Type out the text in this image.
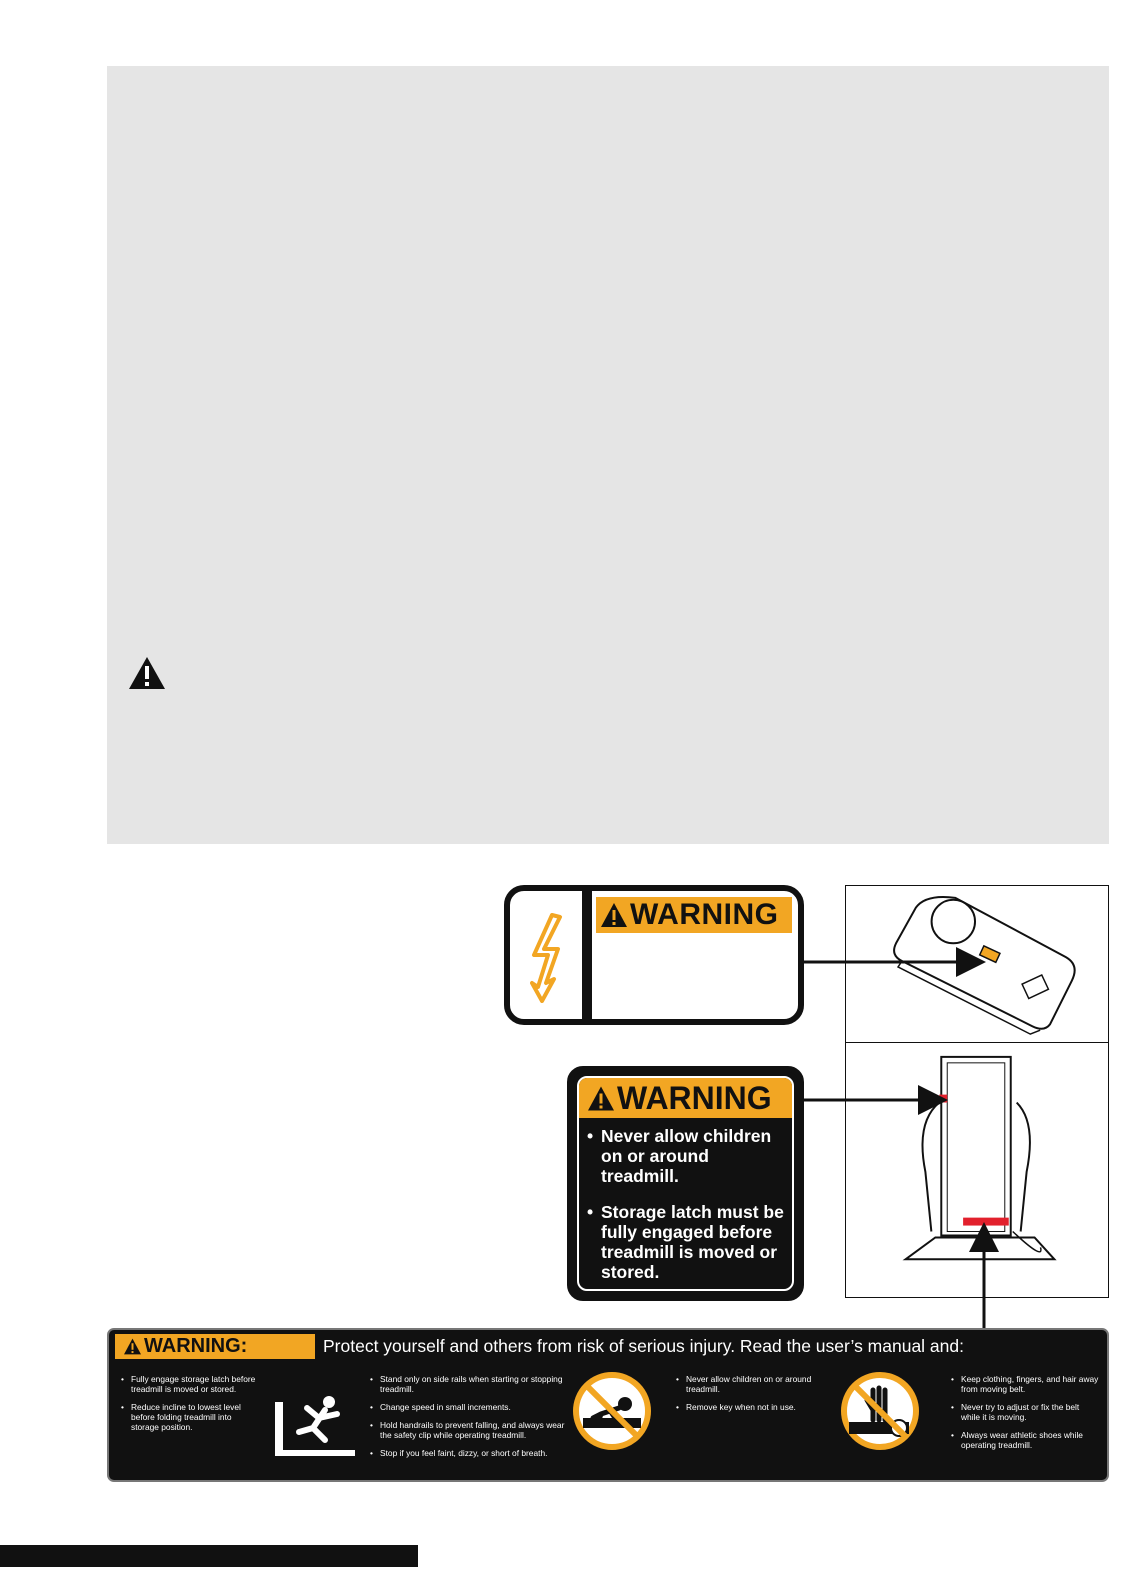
WARNING
WARNING
• Never allow children on or around treadmill.
• Storage latch must be fully engaged before treadmill is moved or stored.
WARNING:	Protect yourself and others from risk of serious injury. Read the user’s manual and:
• Fully engage storage latch before treadmill is moved or stored.
• Reduce incline to lowest level before folding treadmill into storage position.
• Stand only on side rails when starting or stopping treadmill.
• Change speed in small increments.
• Hold handrails to prevent falling, and always wear the safety clip while operating treadmill.
• Stop if you feel faint, dizzy, or short of breath.
• Never allow children on or around treadmill.
• Remove key when not in use.
• Keep clothing, fingers, and hair away from moving belt.
• Never try to adjust or fix the belt while it is moving.
• Always wear athletic shoes while operating treadmill.
